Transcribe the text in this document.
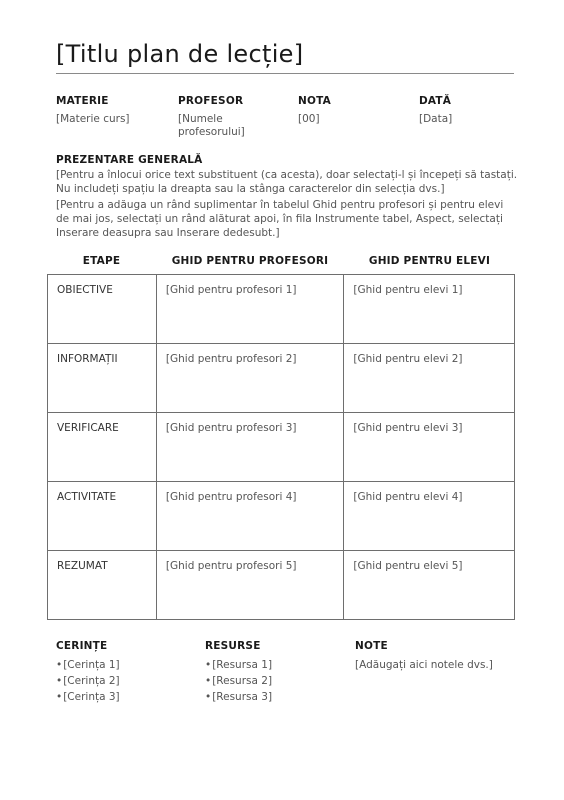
[Titlu plan de lecție]
MATERIE
[Materie curs]
PROFESOR
[Numele profesorului]
NOTA
[00]
DATĂ
[Data]
PREZENTARE GENERALĂ

[Pentru a înlocui orice text substituent (ca acesta), doar selectați-l și începeți să tastați. Nu includeți spațiu la dreapta sau la stânga caracterelor din selecția dvs.]

[Pentru a adăuga un rând suplimentar în tabelul Ghid pentru profesori și pentru elevi de mai jos, selectați un rând alăturat apoi, în fila Instrumente tabel, Aspect, selectați Inserare deasupra sau Inserare dedesubt.]

ETAPE	GHID PENTRU PROFESORI	GHID PENTRU ELEVI
OBIECTIVE	[Ghid pentru profesori 1]	[Ghid pentru elevi 1]
INFORMAȚII	[Ghid pentru profesori 2]	[Ghid pentru elevi 2]
VERIFICARE	[Ghid pentru profesori 3]	[Ghid pentru elevi 3]
ACTIVITATE	[Ghid pentru profesori 4]	[Ghid pentru elevi 4]
REZUMAT	[Ghid pentru profesori 5]	[Ghid pentru elevi 5]
CERINȚE
•[Cerința 1]
•[Cerința 2]
•[Cerința 3]
RESURSE
•[Resursa 1]
•[Resursa 2]
•[Resursa 3]
NOTE
[Adăugați aici notele dvs.]
